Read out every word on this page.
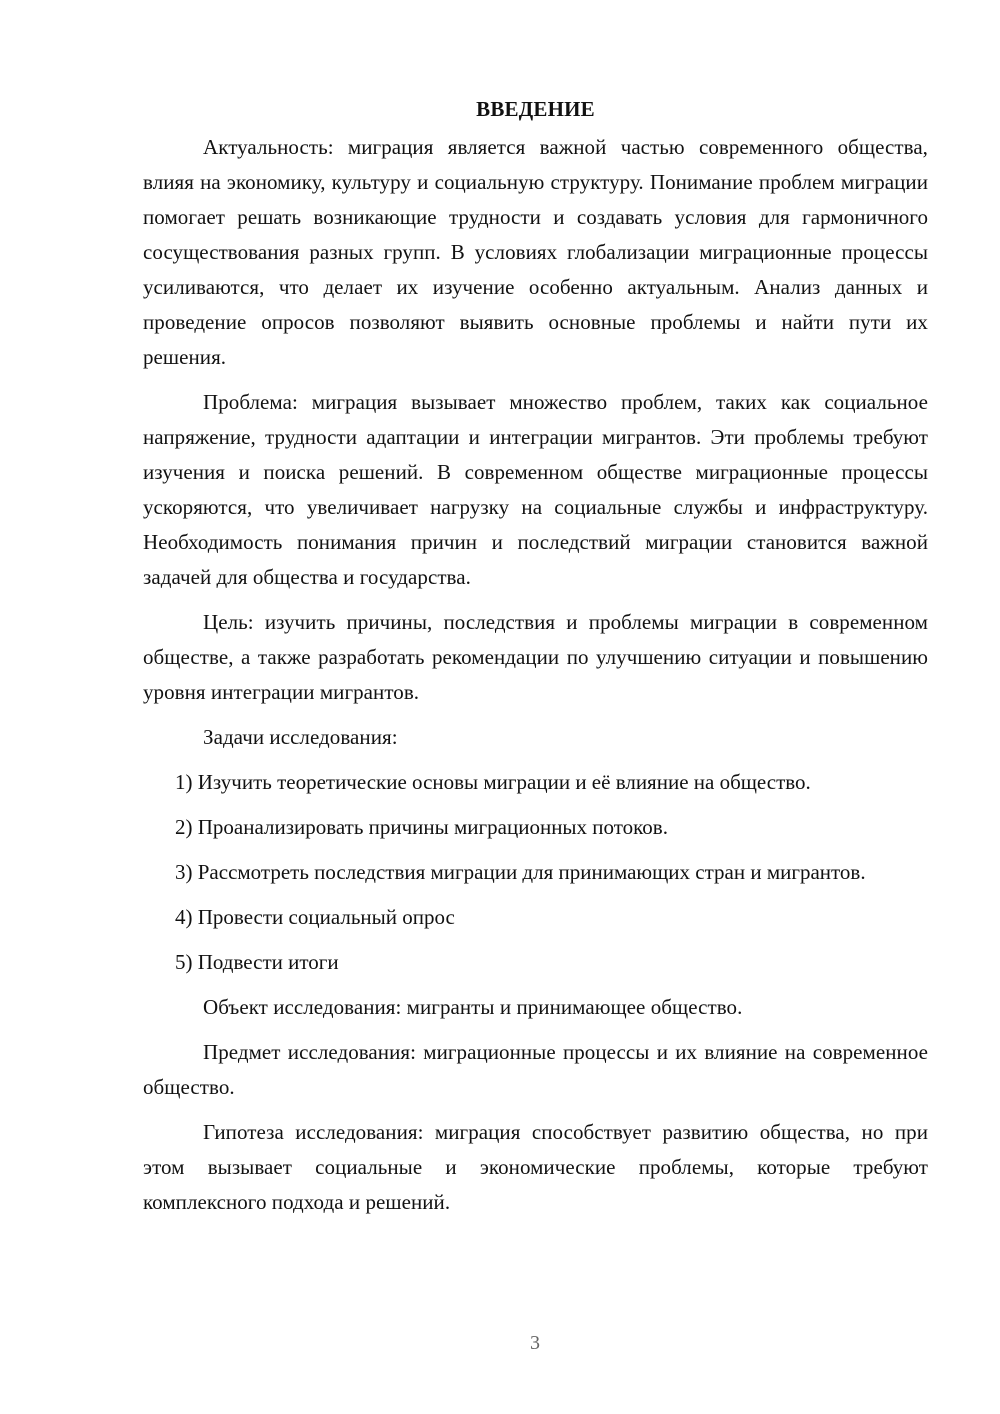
ВВЕДЕНИЕ

Актуальность: миграция является важной частью современного общества, влияя на экономику, культуру и социальную структуру. Понимание проблем миграции помогает решать возникающие трудности и создавать условия для гармоничного сосуществования разных групп. В условиях глобализации миграционные процессы усиливаются, что делает их изучение особенно актуальным. Анализ данных и проведение опросов позволяют выявить основные проблемы и найти пути их решения.

Проблема: миграция вызывает множество проблем, таких как социальное напряжение, трудности адаптации и интеграции мигрантов. Эти проблемы требуют изучения и поиска решений. В современном обществе миграционные процессы ускоряются, что увеличивает нагрузку на социальные службы и инфраструктуру. Необходимость понимания причин и последствий миграции становится важной задачей для общества и государства.

Цель: изучить причины, последствия и проблемы миграции в современном обществе, а также разработать рекомендации по улучшению ситуации и повышению уровня интеграции мигрантов.

Задачи исследования:

1) Изучить теоретические основы миграции и её влияние на общество.

2) Проанализировать причины миграционных потоков.

3) Рассмотреть последствия миграции для принимающих стран и мигрантов.

4) Провести социальный опрос

5) Подвести итоги

Объект исследования: мигранты и принимающее общество.

Предмет исследования: миграционные процессы и их влияние на современное общество.

Гипотеза исследования: миграция способствует развитию общества, но при этом вызывает социальные и экономические проблемы, которые требуют комплексного подхода и решений.

3
